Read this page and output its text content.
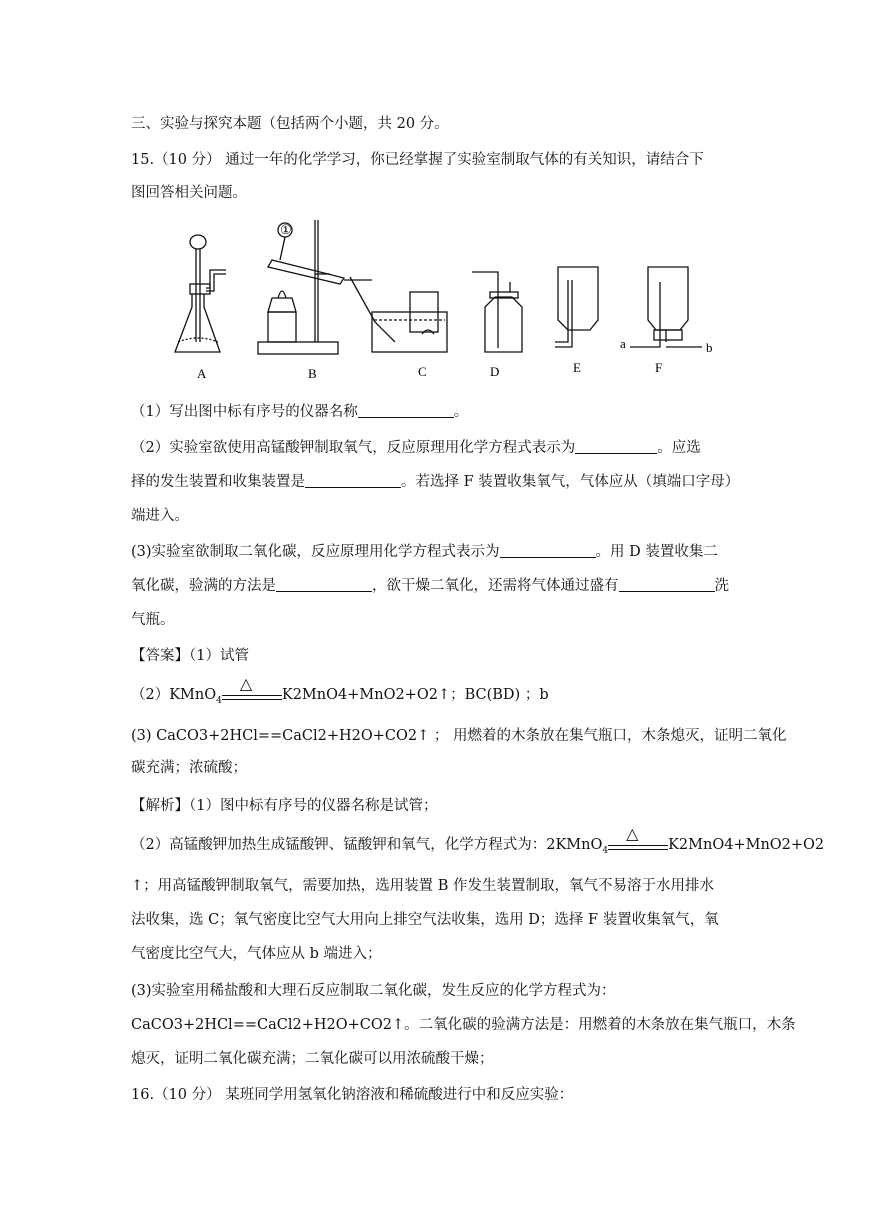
三、实验与探究本题（包括两个小题，共 20 分。
15.（10 分） 通过一年的化学学习，你已经掌握了实验室制取气体的有关知识，请结合下
图回答相关问题。
①
a	b
A	B	C	D	E	F
（1）写出图中标有序号的仪器名称	。
（2）实验室欲使用高锰酸钾制取氧气，反应原理用化学方程式表示为	。应选
择的发生装置和收集装置是	。若选择 F 装置收集氧气，气体应从（填端口字母）
端进入。
(3)实验室欲制取二氧化碳，反应原理用化学方程式表示为	。用 D 装置收集二
氧化碳，验满的方法是	，欲干燥二氧化，还需将气体通过盛有	洗
气瓶。
【答案】（1）试管
（2）KMnO$_4$
△
K2MnO4+MnO2+O2↑；BC(BD) ；b
(3) CaCO3+2HCl==CaCl2+H2O+CO2↑ ； 用燃着的木条放在集气瓶口，木条熄灭，证明二氧化
碳充满；浓硫酸；
【解析】（1）图中标有序号的仪器名称是试管；
（2）高锰酸钾加热生成锰酸钾、锰酸钾和氧气，化学方程式为：2KMnO$_4$
△
K2MnO4+MnO2+O2
↑；用高锰酸钾制取氧气，需要加热，选用装置 B 作发生装置制取，氧气不易溶于水用排水
法收集，选 C；氧气密度比空气大用向上排空气法收集，选用 D；选择 F 装置收集氧气，氧
气密度比空气大，气体应从 b 端进入；
(3)实验室用稀盐酸和大理石反应制取二氧化碳，发生反应的化学方程式为：
CaCO3+2HCl==CaCl2+H2O+CO2↑。二氧化碳的验满方法是：用燃着的木条放在集气瓶口，木条
熄灭，证明二氧化碳充满；二氧化碳可以用浓硫酸干燥；
16.（10 分） 某班同学用氢氧化钠溶液和稀硫酸进行中和反应实验：
